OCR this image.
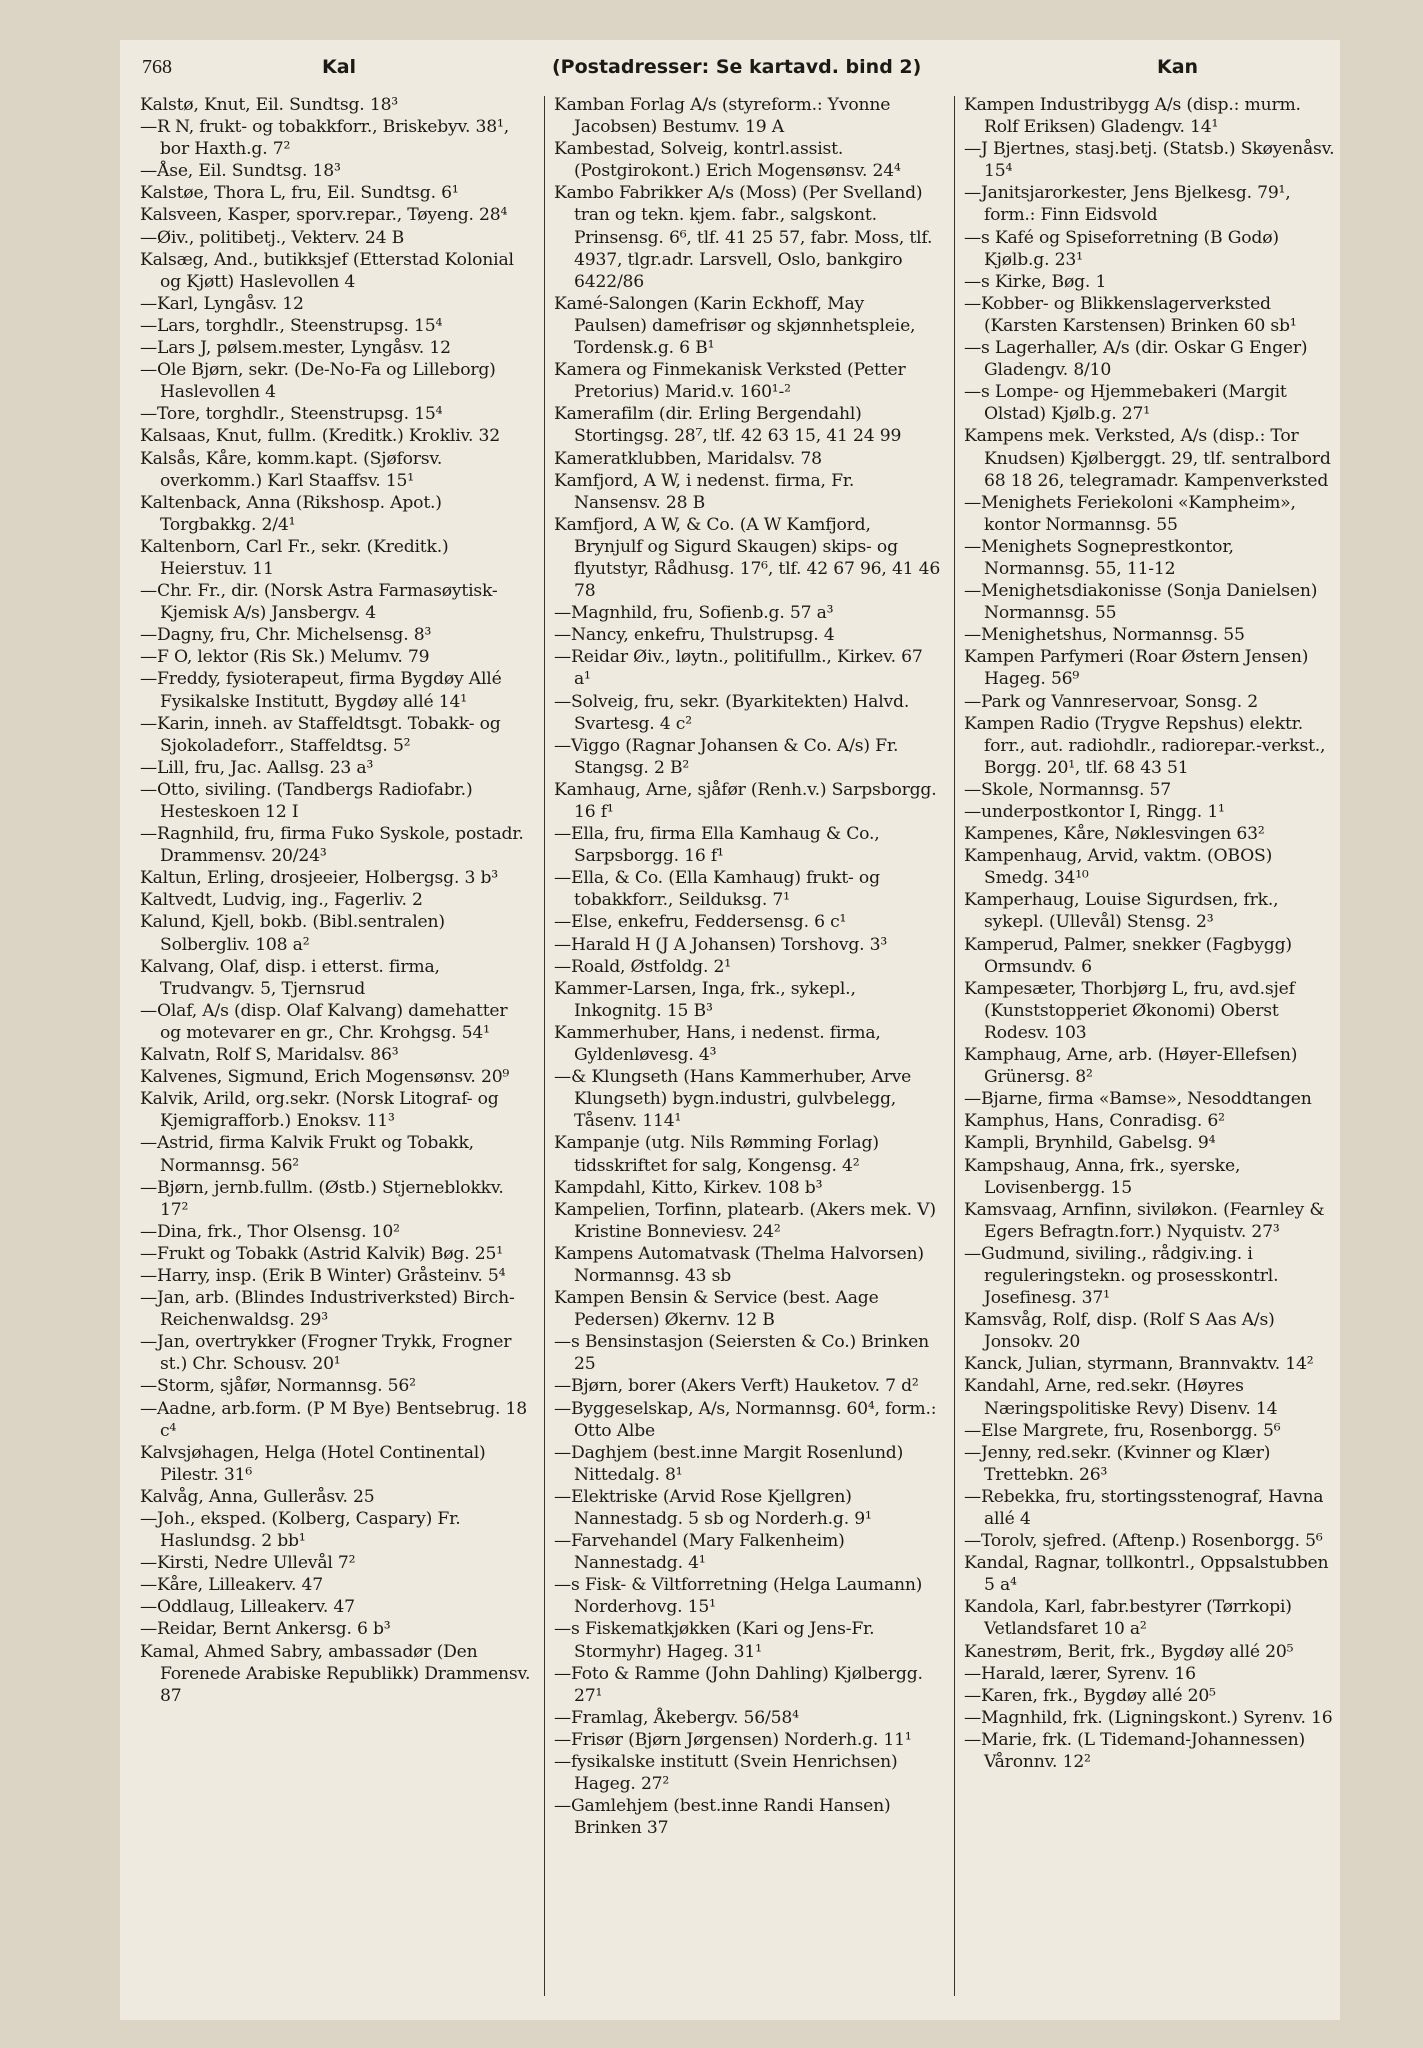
768	Kal	(Postadresser: Se kartavd. bind 2)	Kan

Kalstø, Knut, Eil. Sundtsg. 18³

—R N, frukt- og tobakkforr., Briskebyv. 38¹, bor Haxth.g. 7²

—Åse, Eil. Sundtsg. 18³

Kalstøe, Thora L, fru, Eil. Sundtsg. 6¹

Kalsveen, Kasper, sporv.repar., Tøyeng. 28⁴

—Øiv., politibetj., Vekterv. 24 B

Kalsæg, And., butikksjef (Etterstad Kolonial og Kjøtt) Haslevollen 4

—Karl, Lyngåsv. 12

—Lars, torghdlr., Steenstrupsg. 15⁴

—Lars J, pølsem.mester, Lyngåsv. 12

—Ole Bjørn, sekr. (De-No-Fa og Lilleborg) Haslevollen 4

—Tore, torghdlr., Steenstrupsg. 15⁴

Kalsaas, Knut, fullm. (Kreditk.) Krokliv. 32

Kalsås, Kåre, komm.kapt. (Sjøforsv. overkomm.) Karl Staaffsv. 15¹

Kaltenback, Anna (Rikshosp. Apot.) Torgbakkg. 2/4¹

Kaltenborn, Carl Fr., sekr. (Kreditk.) Heierstuv. 11

—Chr. Fr., dir. (Norsk Astra Farmasøytisk-Kjemisk A/s) Jansbergv. 4

—Dagny, fru, Chr. Michelsensg. 8³

—F O, lektor (Ris Sk.) Melumv. 79

—Freddy, fysioterapeut, firma Bygdøy Allé Fysikalske Institutt, Bygdøy allé 14¹

—Karin, inneh. av Staffeldtsgt. Tobakk- og Sjokoladeforr., Staffeldtsg. 5²

—Lill, fru, Jac. Aallsg. 23 a³

—Otto, siviling. (Tandbergs Radiofabr.) Hesteskoen 12 I

—Ragnhild, fru, firma Fuko Syskole, postadr. Drammensv. 20/24³

Kaltun, Erling, drosjeeier, Holbergsg. 3 b³

Kaltvedt, Ludvig, ing., Fagerliv. 2

Kalund, Kjell, bokb. (Bibl.sentralen) Solbergliv. 108 a²

Kalvang, Olaf, disp. i etterst. firma, Trudvangv. 5, Tjernsrud

—Olaf, A/s (disp. Olaf Kalvang) damehatter og motevarer en gr., Chr. Krohgsg. 54¹

Kalvatn, Rolf S, Maridalsv. 86³

Kalvenes, Sigmund, Erich Mogensønsv. 20⁹

Kalvik, Arild, org.sekr. (Norsk Litograf- og Kjemigrafforb.) Enoksv. 11³

—Astrid, firma Kalvik Frukt og Tobakk, Normannsg. 56²

—Bjørn, jernb.fullm. (Østb.) Stjerneblokkv. 17²

—Dina, frk., Thor Olsensg. 10²

—Frukt og Tobakk (Astrid Kalvik) Bøg. 25¹

—Harry, insp. (Erik B Winter) Gråsteinv. 5⁴

—Jan, arb. (Blindes Industriverksted) Birch-Reichenwaldsg. 29³

—Jan, overtrykker (Frogner Trykk, Frogner st.) Chr. Schousv. 20¹

—Storm, sjåfør, Normannsg. 56²

—Aadne, arb.form. (P M Bye) Bentsebrug. 18 c⁴

Kalvsjøhagen, Helga (Hotel Continental) Pilestr. 31⁶

Kalvåg, Anna, Gulleråsv. 25

—Joh., eksped. (Kolberg, Caspary) Fr. Haslundsg. 2 bb¹

—Kirsti, Nedre Ullevål 7²

—Kåre, Lilleakerv. 47

—Oddlaug, Lilleakerv. 47

—Reidar, Bernt Ankersg. 6 b³

Kamal, Ahmed Sabry, ambassadør (Den Forenede Arabiske Republikk) Drammensv. 87

Kamban Forlag A/s (styreform.: Yvonne Jacobsen) Bestumv. 19 A

Kambestad, Solveig, kontrl.assist. (Postgirokont.) Erich Mogensønsv. 24⁴

Kambo Fabrikker A/s (Moss) (Per Svelland) tran og tekn. kjem. fabr., salgskont. Prinsensg. 6⁶, tlf. 41 25 57, fabr. Moss, tlf. 4937, tlgr.adr. Larsvell, Oslo, bankgiro 6422/86

Kamé-Salongen (Karin Eckhoff, May Paulsen) damefrisør og skjønnhetspleie, Tordensk.g. 6 B¹

Kamera og Finmekanisk Verksted (Petter Pretorius) Marid.v. 160¹-²

Kamerafilm (dir. Erling Bergendahl) Stortingsg. 28⁷, tlf. 42 63 15, 41 24 99

Kameratklubben, Maridalsv. 78

Kamfjord, A W, i nedenst. firma, Fr. Nansensv. 28 B

Kamfjord, A W, & Co. (A W Kamfjord, Brynjulf og Sigurd Skaugen) skips- og flyutstyr, Rådhusg. 17⁶, tlf. 42 67 96, 41 46 78

—Magnhild, fru, Sofienb.g. 57 a³

—Nancy, enkefru, Thulstrupsg. 4

—Reidar Øiv., løytn., politifullm., Kirkev. 67 a¹

—Solveig, fru, sekr. (Byarkitekten) Halvd. Svartesg. 4 c²

—Viggo (Ragnar Johansen & Co. A/s) Fr. Stangsg. 2 B²

Kamhaug, Arne, sjåfør (Renh.v.) Sarpsborgg. 16 f¹

—Ella, fru, firma Ella Kamhaug & Co., Sarpsborgg. 16 f¹

—Ella, & Co. (Ella Kamhaug) frukt- og tobakkforr., Seilduksg. 7¹

—Else, enkefru, Feddersensg. 6 c¹

—Harald H (J A Johansen) Torshovg. 3³

—Roald, Østfoldg. 2¹

Kammer-Larsen, Inga, frk., sykepl., Inkognitg. 15 B³

Kammerhuber, Hans, i nedenst. firma, Gyldenløvesg. 4³

—& Klungseth (Hans Kammerhuber, Arve Klungseth) bygn.industri, gulvbelegg, Tåsenv. 114¹

Kampanje (utg. Nils Rømming Forlag) tidsskriftet for salg, Kongensg. 4²

Kampdahl, Kitto, Kirkev. 108 b³

Kampelien, Torfinn, platearb. (Akers mek. V) Kristine Bonneviesv. 24²

Kampens Automatvask (Thelma Halvorsen) Normannsg. 43 sb

Kampen Bensin & Service (best. Aage Pedersen) Økernv. 12 B

—s Bensinstasjon (Seiersten & Co.) Brinken 25

—Bjørn, borer (Akers Verft) Hauketov. 7 d²

—Byggeselskap, A/s, Normannsg. 60⁴, form.: Otto Albe

—Daghjem (best.inne Margit Rosenlund) Nittedalg. 8¹

—Elektriske (Arvid Rose Kjellgren) Nannestadg. 5 sb og Norderh.g. 9¹

—Farvehandel (Mary Falkenheim) Nannestadg. 4¹

—s Fisk- & Viltforretning (Helga Laumann) Norderhovg. 15¹

—s Fiskematkjøkken (Kari og Jens-Fr. Stormyhr) Hageg. 31¹

—Foto & Ramme (John Dahling) Kjølbergg. 27¹

—Framlag, Åkebergv. 56/58⁴

—Frisør (Bjørn Jørgensen) Norderh.g. 11¹

—fysikalske institutt (Svein Henrichsen) Hageg. 27²

—Gamlehjem (best.inne Randi Hansen) Brinken 37

Kampen Industribygg A/s (disp.: murm. Rolf Eriksen) Gladengv. 14¹

—J Bjertnes, stasj.betj. (Statsb.) Skøyenåsv. 15⁴

—Janitsjarorkester, Jens Bjelkesg. 79¹, form.: Finn Eidsvold

—s Kafé og Spiseforretning (B Godø) Kjølb.g. 23¹

—s Kirke, Bøg. 1

—Kobber- og Blikkenslagerverksted (Karsten Karstensen) Brinken 60 sb¹

—s Lagerhaller, A/s (dir. Oskar G Enger) Gladengv. 8/10

—s Lompe- og Hjemmebakeri (Margit Olstad) Kjølb.g. 27¹

Kampens mek. Verksted, A/s (disp.: Tor Knudsen) Kjølberggt. 29, tlf. sentralbord 68 18 26, telegramadr. Kampenverksted

—Menighets Feriekoloni «Kampheim», kontor Normannsg. 55

—Menighets Sogneprestkontor, Normannsg. 55, 11-12

—Menighetsdiakonisse (Sonja Danielsen) Normannsg. 55

—Menighetshus, Normannsg. 55

Kampen Parfymeri (Roar Østern Jensen) Hageg. 56⁹

—Park og Vannreservoar, Sonsg. 2

Kampen Radio (Trygve Repshus) elektr. forr., aut. radiohdlr., radiorepar.-verkst., Borgg. 20¹, tlf. 68 43 51

—Skole, Normannsg. 57

—underpostkontor I, Ringg. 1¹

Kampenes, Kåre, Nøklesvingen 63²

Kampenhaug, Arvid, vaktm. (OBOS) Smedg. 34¹⁰

Kamperhaug, Louise Sigurdsen, frk., sykepl. (Ullevål) Stensg. 2³

Kamperud, Palmer, snekker (Fagbygg) Ormsundv. 6

Kampesæter, Thorbjørg L, fru, avd.sjef (Kunststopperiet Økonomi) Oberst Rodesv. 103

Kamphaug, Arne, arb. (Høyer-Ellefsen) Grünersg. 8²

—Bjarne, firma «Bamse», Nesoddtangen

Kamphus, Hans, Conradisg. 6²

Kampli, Brynhild, Gabelsg. 9⁴

Kampshaug, Anna, frk., syerske, Lovisenbergg. 15

Kamsvaag, Arnfinn, siviløkon. (Fearnley & Egers Befragtn.forr.) Nyquistv. 27³

—Gudmund, siviling., rådgiv.ing. i reguleringstekn. og prosesskontrl. Josefinesg. 37¹

Kamsvåg, Rolf, disp. (Rolf S Aas A/s) Jonsokv. 20

Kanck, Julian, styrmann, Brannvaktv. 14²

Kandahl, Arne, red.sekr. (Høyres Næringspolitiske Revy) Disenv. 14

—Else Margrete, fru, Rosenborgg. 5⁶

—Jenny, red.sekr. (Kvinner og Klær) Trettebkn. 26³

—Rebekka, fru, stortingsstenograf, Havna allé 4

—Torolv, sjefred. (Aftenp.) Rosenborgg. 5⁶

Kandal, Ragnar, tollkontrl., Oppsalstubben 5 a⁴

Kandola, Karl, fabr.bestyrer (Tørrkopi) Vetlandsfaret 10 a²

Kanestrøm, Berit, frk., Bygdøy allé 20⁵

—Harald, lærer, Syrenv. 16

—Karen, frk., Bygdøy allé 20⁵

—Magnhild, frk. (Ligningskont.) Syrenv. 16

—Marie, frk. (L Tidemand-Johannessen) Våronnv. 12²
